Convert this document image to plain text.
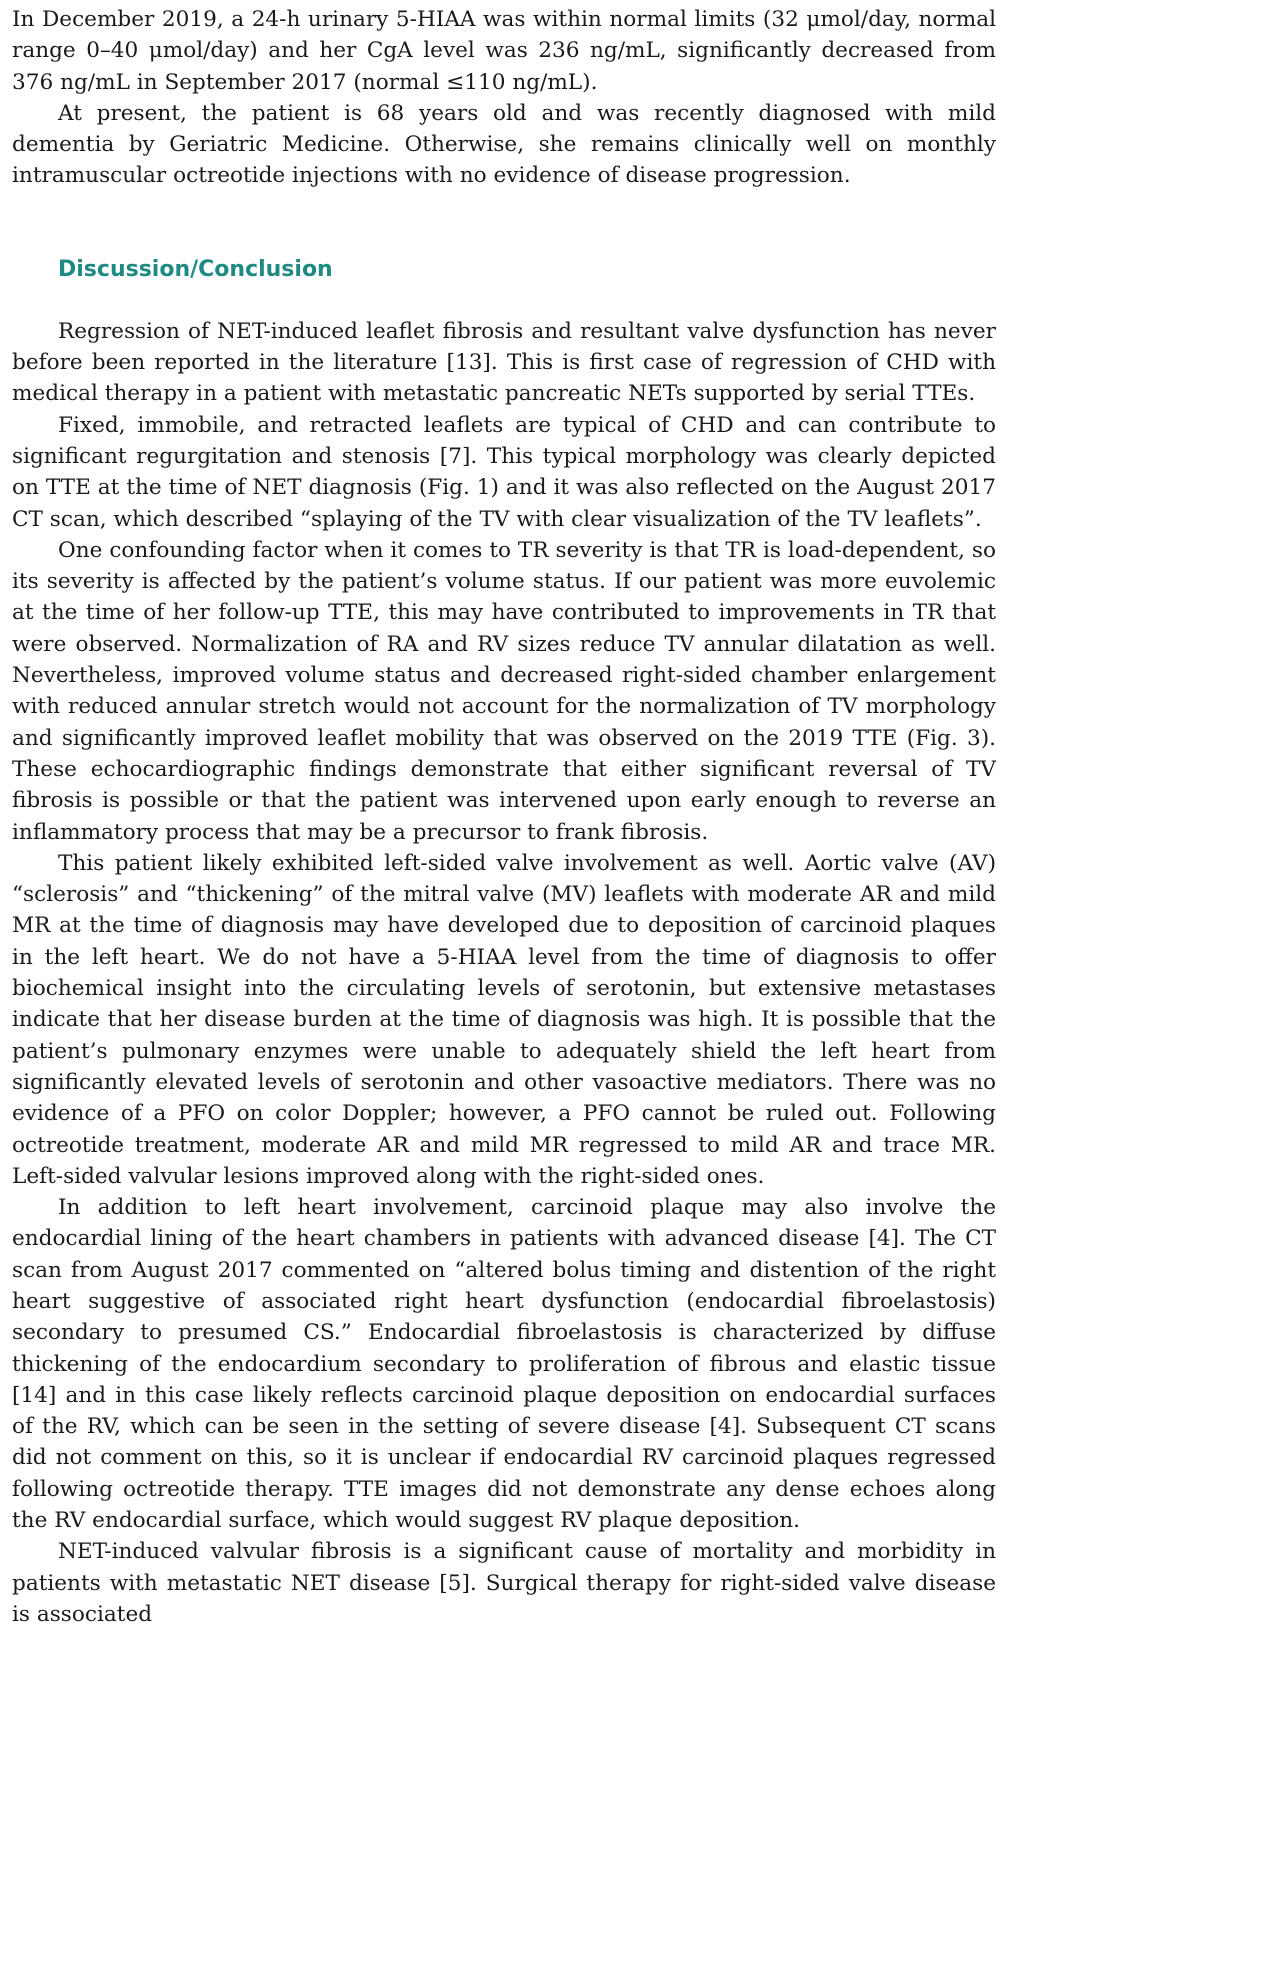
In December 2019, a 24-h urinary 5-HIAA was within normal limits (32 μmol/day, normal range 0–40 μmol/day) and her CgA level was 236 ng/mL, significantly decreased from 376 ng/mL in September 2017 (normal ≤110 ng/mL).

At present, the patient is 68 years old and was recently diagnosed with mild dementia by Geriatric Medicine. Otherwise, she remains clinically well on monthly intramuscular octreotide injections with no evidence of disease progression.

Discussion/Conclusion

Regression of NET-induced leaflet fibrosis and resultant valve dysfunction has never before been reported in the literature [13]. This is first case of regression of CHD with medical therapy in a patient with metastatic pancreatic NETs supported by serial TTEs.

Fixed, immobile, and retracted leaflets are typical of CHD and can contribute to significant regurgitation and stenosis [7]. This typical morphology was clearly depicted on TTE at the time of NET diagnosis (Fig. 1) and it was also reflected on the August 2017 CT scan, which described “splaying of the TV with clear visualization of the TV leaflets”.

One confounding factor when it comes to TR severity is that TR is load-dependent, so its severity is affected by the patient’s volume status. If our patient was more euvolemic at the time of her follow-up TTE, this may have contributed to improvements in TR that were observed. Normalization of RA and RV sizes reduce TV annular dilatation as well. Nevertheless, improved volume status and decreased right-sided chamber enlargement with reduced annular stretch would not account for the normalization of TV morphology and significantly improved leaflet mobility that was observed on the 2019 TTE (Fig. 3). These echocardiographic findings demonstrate that either significant reversal of TV fibrosis is possible or that the patient was intervened upon early enough to reverse an inflammatory process that may be a precursor to frank fibrosis.

This patient likely exhibited left-sided valve involvement as well. Aortic valve (AV) “sclerosis” and “thickening” of the mitral valve (MV) leaflets with moderate AR and mild MR at the time of diagnosis may have developed due to deposition of carcinoid plaques in the left heart. We do not have a 5-HIAA level from the time of diagnosis to offer biochemical insight into the circulating levels of serotonin, but extensive metastases indicate that her disease burden at the time of diagnosis was high. It is possible that the patient’s pulmonary enzymes were unable to adequately shield the left heart from significantly elevated levels of serotonin and other vasoactive mediators. There was no evidence of a PFO on color Doppler; however, a PFO cannot be ruled out. Following octreotide treatment, moderate AR and mild MR regressed to mild AR and trace MR. Left-sided valvular lesions improved along with the right-sided ones.

In addition to left heart involvement, carcinoid plaque may also involve the endocardial lining of the heart chambers in patients with advanced disease [4]. The CT scan from August 2017 commented on “altered bolus timing and distention of the right heart suggestive of associated right heart dysfunction (endocardial fibroelastosis) secondary to presumed CS.” Endocardial fibroelastosis is characterized by diffuse thickening of the endocardium secondary to proliferation of fibrous and elastic tissue [14] and in this case likely reflects carcinoid plaque deposition on endocardial surfaces of the RV, which can be seen in the setting of severe disease [4]. Subsequent CT scans did not comment on this, so it is unclear if endocardial RV carcinoid plaques regressed following octreotide therapy. TTE images did not demonstrate any dense echoes along the RV endocardial surface, which would suggest RV plaque deposition.

NET-induced valvular fibrosis is a significant cause of mortality and morbidity in patients with metastatic NET disease [5]. Surgical therapy for right-sided valve disease is associated
